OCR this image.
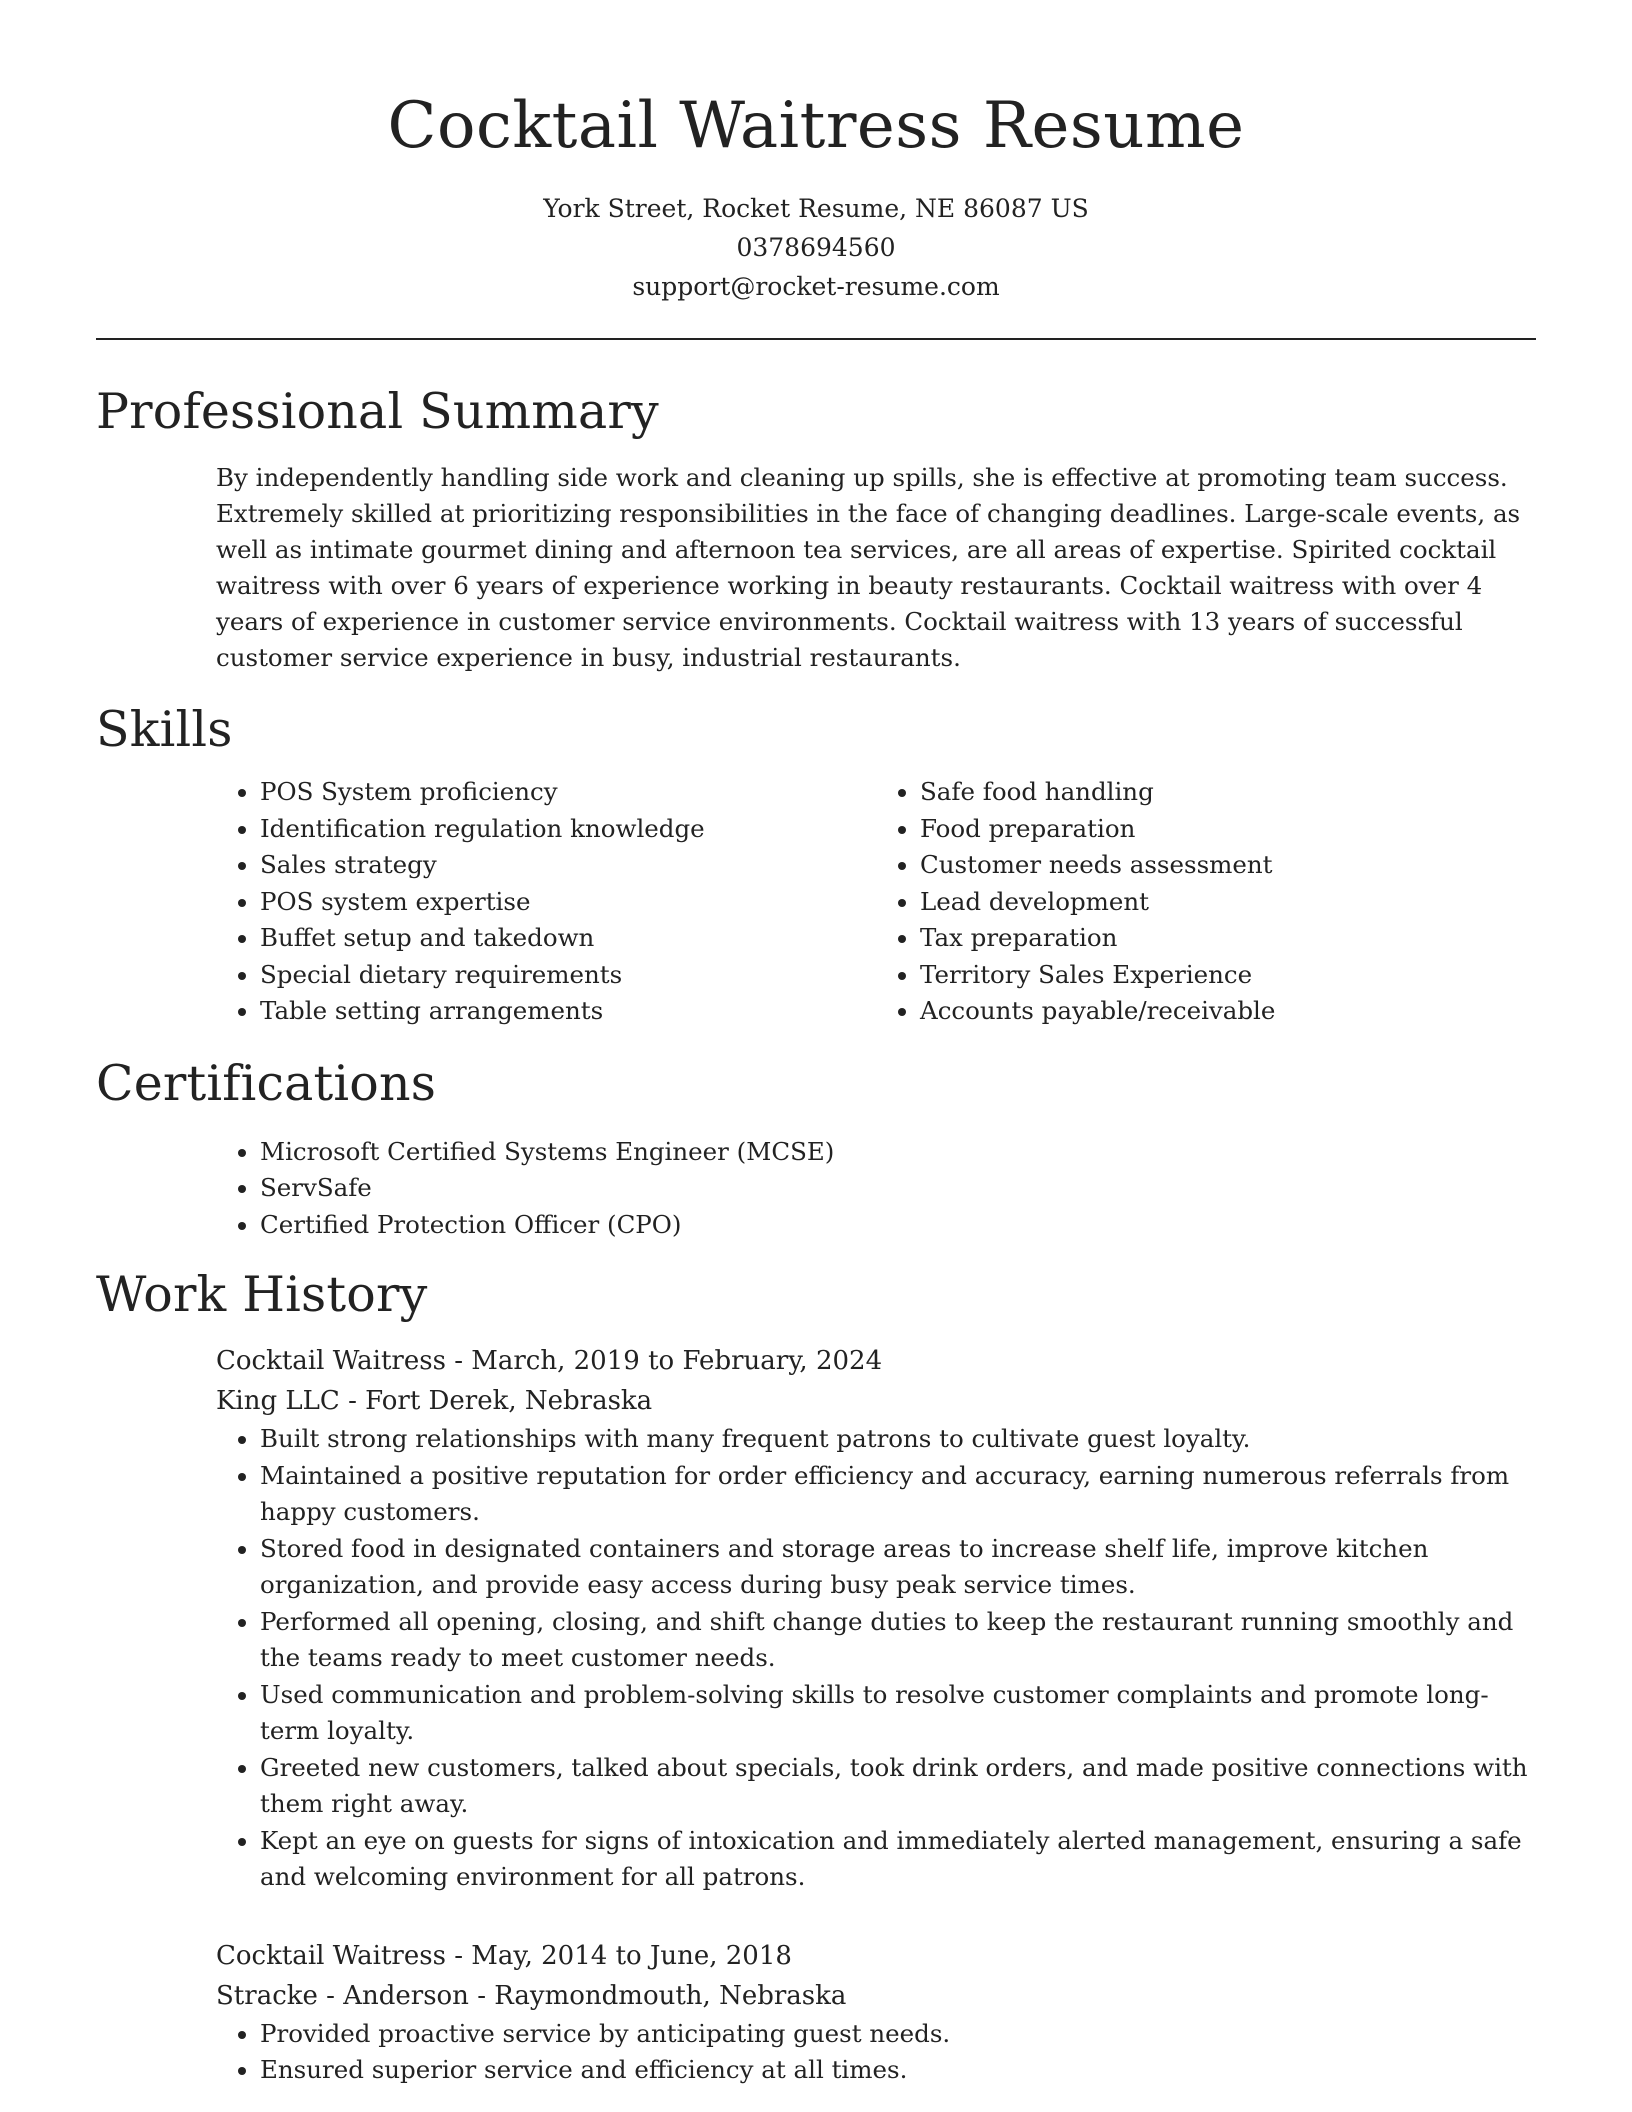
Cocktail Waitress Resume
York Street, Rocket Resume, NE 86087 US
0378694560
support@rocket-resume.com
Professional Summary
By independently handling side work and cleaning up spills, she is effective at promoting team success. Extremely skilled at prioritizing responsibilities in the face of changing deadlines. Large-scale events, as well as intimate gourmet dining and afternoon tea services, are all areas of expertise. Spirited cocktail waitress with over 6 years of experience working in beauty restaurants. Cocktail waitress with over 4 years of experience in customer service environments. Cocktail waitress with 13 years of successful customer service experience in busy, industrial restaurants.
Skills
• POS System proficiency
• Identification regulation knowledge
• Sales strategy
• POS system expertise
• Buffet setup and takedown
• Special dietary requirements
• Table setting arrangements
• Safe food handling
• Food preparation
• Customer needs assessment
• Lead development
• Tax preparation
• Territory Sales Experience
• Accounts payable/receivable
Certifications
• Microsoft Certified Systems Engineer (MCSE)
• ServSafe
• Certified Protection Officer (CPO)
Work History
Cocktail Waitress - March, 2019 to February, 2024
King LLC - Fort Derek, Nebraska
• Built strong relationships with many frequent patrons to cultivate guest loyalty.
• Maintained a positive reputation for order efficiency and accuracy, earning numerous referrals from happy customers.
• Stored food in designated containers and storage areas to increase shelf life, improve kitchen organization, and provide easy access during busy peak service times.
• Performed all opening, closing, and shift change duties to keep the restaurant running smoothly and the teams ready to meet customer needs.
• Used communication and problem-solving skills to resolve customer complaints and promote long-term loyalty.
• Greeted new customers, talked about specials, took drink orders, and made positive connections with them right away.
• Kept an eye on guests for signs of intoxication and immediately alerted management, ensuring a safe and welcoming environment for all patrons.
Cocktail Waitress - May, 2014 to June, 2018
Stracke - Anderson - Raymondmouth, Nebraska
• Provided proactive service by anticipating guest needs.
• Ensured superior service and efficiency at all times.
